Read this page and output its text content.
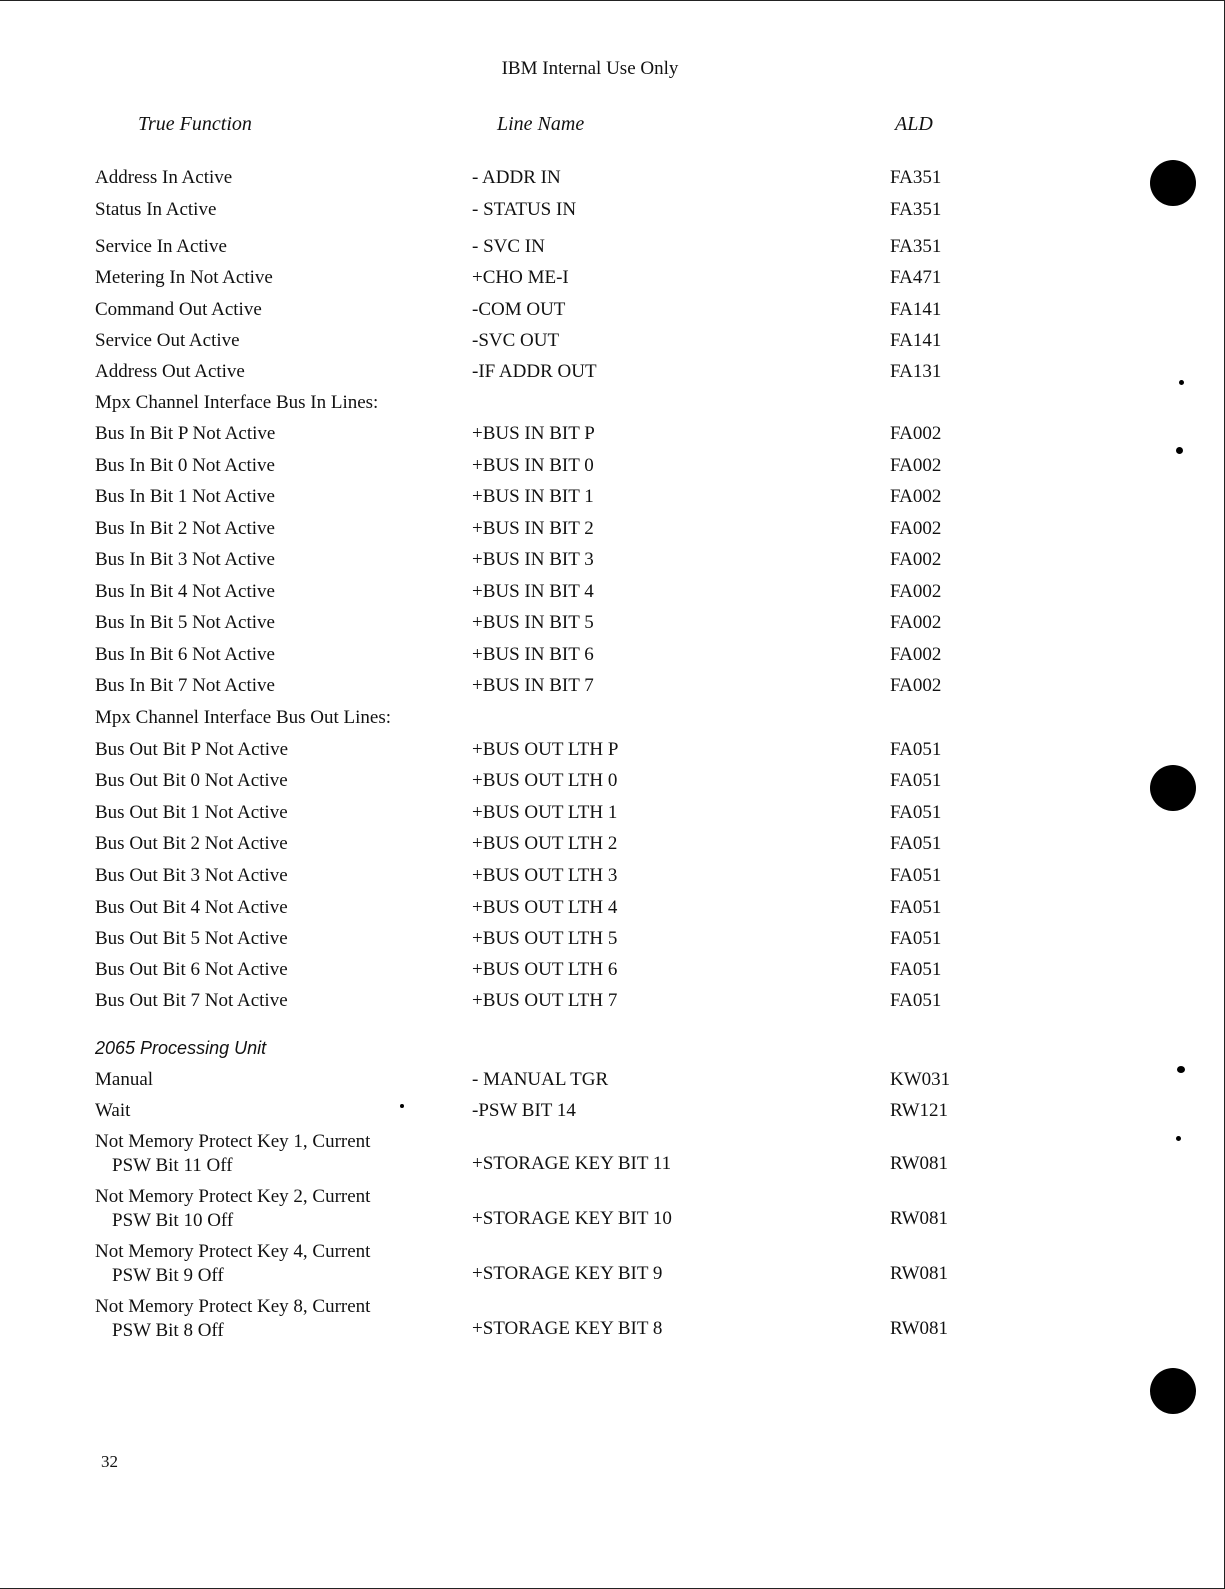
IBM Internal Use Only
True Function	Line Name	ALD
Address In Active	- ADDR IN	FA351
Status In Active	- STATUS IN	FA351
Service In Active	- SVC IN	FA351
Metering In Not Active	+CHO ME-I	FA471
Command Out Active	-COM OUT	FA141
Service Out Active	-SVC OUT	FA141
Address Out Active	-IF ADDR OUT	FA131
Mpx Channel Interface Bus In Lines:
Bus In Bit P Not Active	+BUS IN BIT P	FA002
Bus In Bit 0 Not Active	+BUS IN BIT 0	FA002
Bus In Bit 1 Not Active	+BUS IN BIT 1	FA002
Bus In Bit 2 Not Active	+BUS IN BIT 2	FA002
Bus In Bit 3 Not Active	+BUS IN BIT 3	FA002
Bus In Bit 4 Not Active	+BUS IN BIT 4	FA002
Bus In Bit 5 Not Active	+BUS IN BIT 5	FA002
Bus In Bit 6 Not Active	+BUS IN BIT 6	FA002
Bus In Bit 7 Not Active	+BUS IN BIT 7	FA002
Mpx Channel Interface Bus Out Lines:
Bus Out Bit P Not Active	+BUS OUT LTH P	FA051
Bus Out Bit 0 Not Active	+BUS OUT LTH 0	FA051
Bus Out Bit 1 Not Active	+BUS OUT LTH 1	FA051
Bus Out Bit 2 Not Active	+BUS OUT LTH 2	FA051
Bus Out Bit 3 Not Active	+BUS OUT LTH 3	FA051
Bus Out Bit 4 Not Active	+BUS OUT LTH 4	FA051
Bus Out Bit 5 Not Active	+BUS OUT LTH 5	FA051
Bus Out Bit 6 Not Active	+BUS OUT LTH 6	FA051
Bus Out Bit 7 Not Active	+BUS OUT LTH 7	FA051
2065 Processing Unit
Manual	- MANUAL TGR	KW031
Wait	-PSW BIT 14	RW121
Not Memory Protect Key 1, Current
PSW Bit 11 Off	+STORAGE KEY BIT 11	RW081
Not Memory Protect Key 2, Current
PSW Bit 10 Off	+STORAGE KEY BIT 10	RW081
Not Memory Protect Key 4, Current
PSW Bit 9 Off	+STORAGE KEY BIT 9	RW081
Not Memory Protect Key 8, Current
PSW Bit 8 Off	+STORAGE KEY BIT 8	RW081
32
